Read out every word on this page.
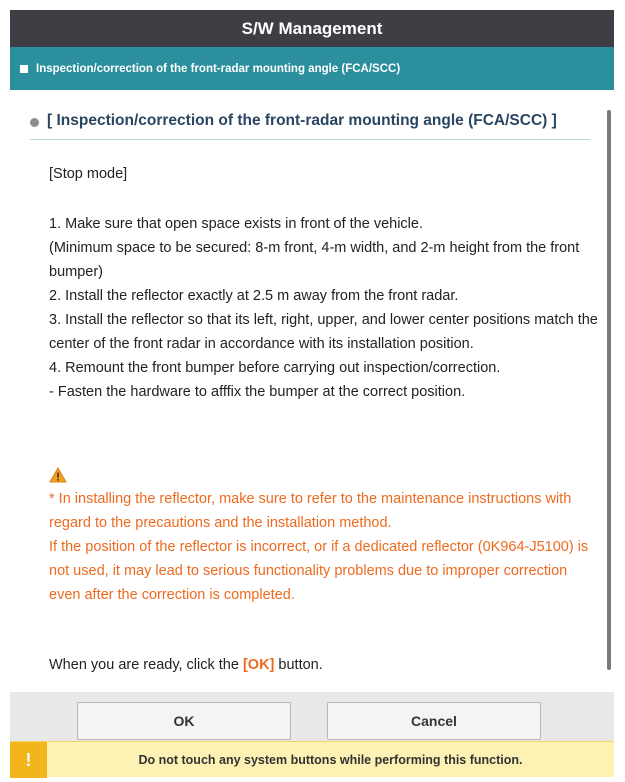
S/W Management
Inspection/correction of the front-radar mounting angle (FCA/SCC)
[ Inspection/correction of the front-radar mounting angle (FCA/SCC) ]
[Stop mode]
1. Make sure that open space exists in front of the vehicle.
(Minimum space to be secured: 8-m front, 4-m width, and 2-m height from the front bumper)
2. Install the reflector exactly at 2.5 m away from the front radar.
3. Install the reflector so that its left, right, upper, and lower center positions match the center of the front radar in accordance with its installation position.
4. Remount the front bumper before carrying out inspection/correction.
- Fasten the hardware to afffix the bumper at the correct position.
* In installing the reflector, make sure to refer to the maintenance instructions with regard to the precautions and the installation method.
If the position of the reflector is incorrect, or if a dedicated reflector (0K964-J5100) is not used, it may lead to serious functionality problems due to improper correction even after the correction is completed.
When you are ready, click the [OK] button.
OK	Cancel
!	Do not touch any system buttons while performing this function.
